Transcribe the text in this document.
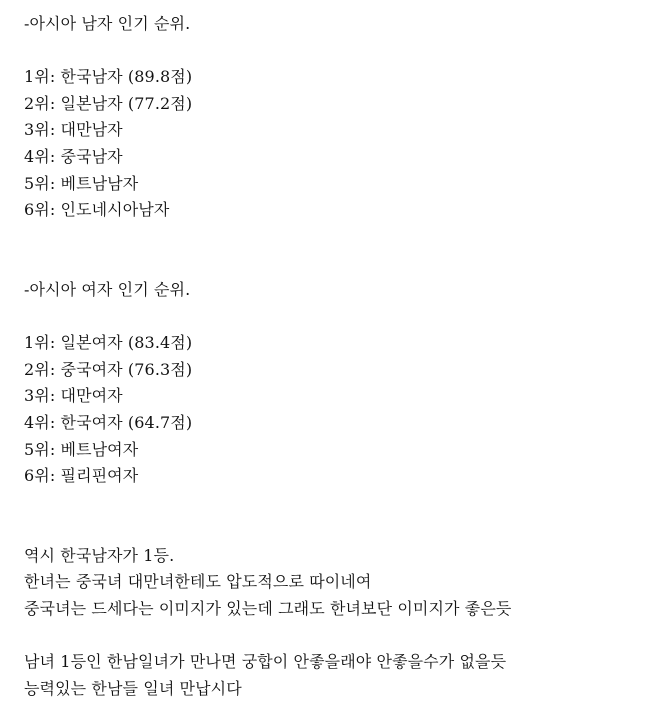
-아시아 남자 인기 순위.
1위: 한국남자 (89.8점)
2위: 일본남자 (77.2점)
3위: 대만남자
4위: 중국남자
5위: 베트남남자
6위: 인도네시아남자
-아시아 여자 인기 순위.
1위: 일본여자 (83.4점)
2위: 중국여자 (76.3점)
3위: 대만여자
4위: 한국여자 (64.7점)
5위: 베트남여자
6위: 필리핀여자
역시 한국남자가 1등.
한녀는 중국녀 대만녀한테도 압도적으로 따이네여
중국녀는 드세다는 이미지가 있는데 그래도 한녀보단 이미지가 좋은듯
남녀 1등인 한남일녀가 만나면 궁합이 안좋을래야 안좋을수가 없을듯
능력있는 한남들 일녀 만납시다
